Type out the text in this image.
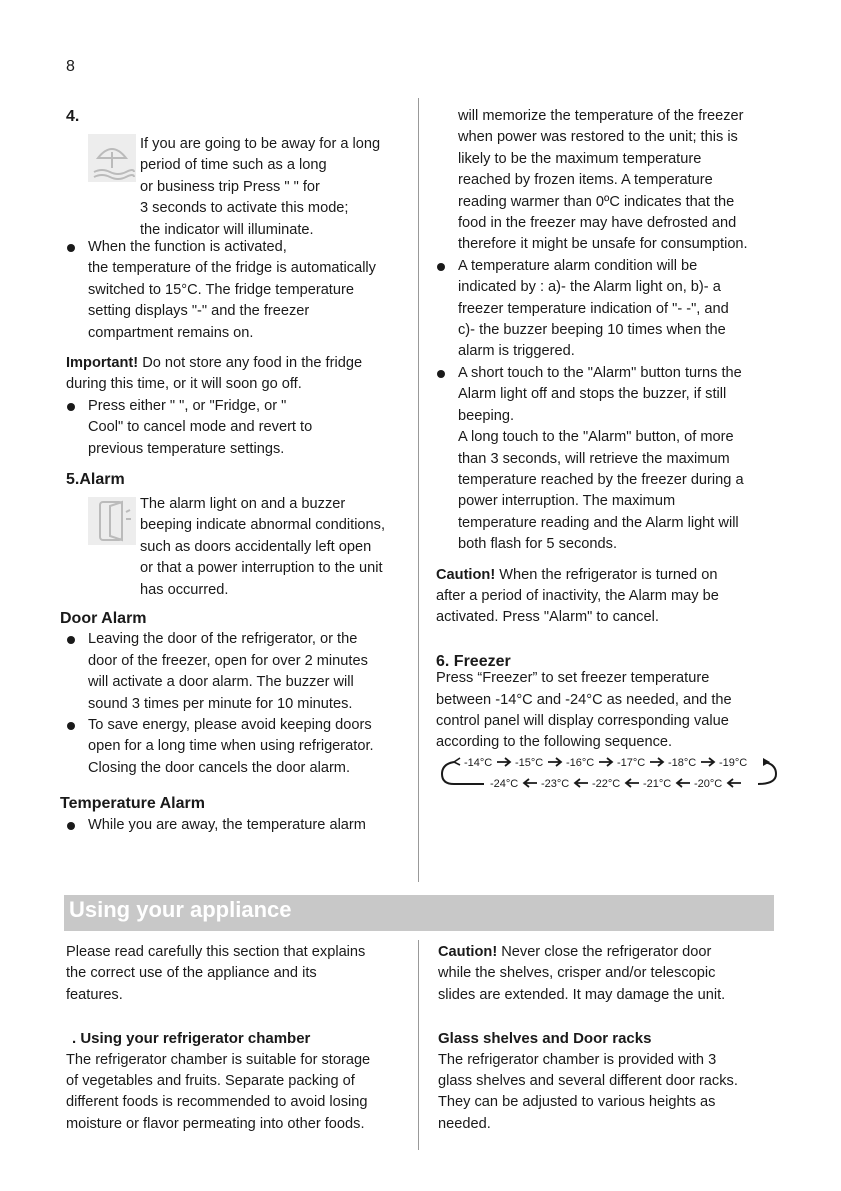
8

4.

If you are going to be away for a long

period of time such as a long

or business trip Press " " for

3 seconds to activate this mode;

the indicator will illuminate.

When the function is activated,

the temperature of the fridge is automatically

switched to 15°C. The fridge temperature

setting displays "-" and the freezer

compartment remains on.

Important! Do not store any food in the fridge

during this time, or it will soon go off.

Press either " ", or "Fridge, or "

Cool" to cancel mode and revert to

previous temperature settings.

5.Alarm

The alarm light on and a buzzer

beeping indicate abnormal conditions,

such as doors accidentally left open

or that a power interruption to the unit

has occurred.

Door Alarm

Leaving the door of the refrigerator, or the

door of the freezer, open for over 2 minutes

will activate a door alarm. The buzzer will

sound 3 times per minute for 10 minutes.

To save energy, please avoid keeping doors

open for a long time when using refrigerator.

Closing the door cancels the door alarm.

Temperature Alarm

While you are away, the temperature alarm

will memorize the temperature of the freezer

when power was restored to the unit; this is

likely to be the maximum temperature

reached by frozen items. A temperature

reading warmer than 0ºC indicates that the

food in the freezer may have defrosted and

therefore it might be unsafe for consumption.

A temperature alarm condition will be

indicated by : a)- the Alarm light on, b)- a

freezer temperature indication of "- -", and

c)- the buzzer beeping 10 times when the

alarm is triggered.

A short touch to the "Alarm" button turns the

Alarm light off and stops the buzzer, if still

beeping.

A long touch to the "Alarm" button, of more

than 3 seconds, will retrieve the maximum

temperature reached by the freezer during a

power interruption. The maximum

temperature reading and the Alarm light will

both flash for 5 seconds.

Caution! When the refrigerator is turned on

after a period of inactivity, the Alarm may be

activated. Press "Alarm" to cancel.

6. Freezer

Press “Freezer” to set freezer temperature

between -14°C and -24°C as needed, and the

control panel will display corresponding value

according to the following sequence.

-14°C -15°C -16°C -17°C -18°C -19°C
-24°C -23°C -22°C -21°C -20°C
Using your appliance

Please read carefully this section that explains

the correct use of the appliance and its

features.

. Using your refrigerator chamber

The refrigerator chamber is suitable for storage

of vegetables and fruits. Separate packing of

different foods is recommended to avoid losing

moisture or flavor permeating into other foods.

Caution! Never close the refrigerator door

while the shelves, crisper and/or telescopic

slides are extended. It may damage the unit.

Glass shelves and Door racks

The refrigerator chamber is provided with 3

glass shelves and several different door racks.

They can be adjusted to various heights as

needed.
